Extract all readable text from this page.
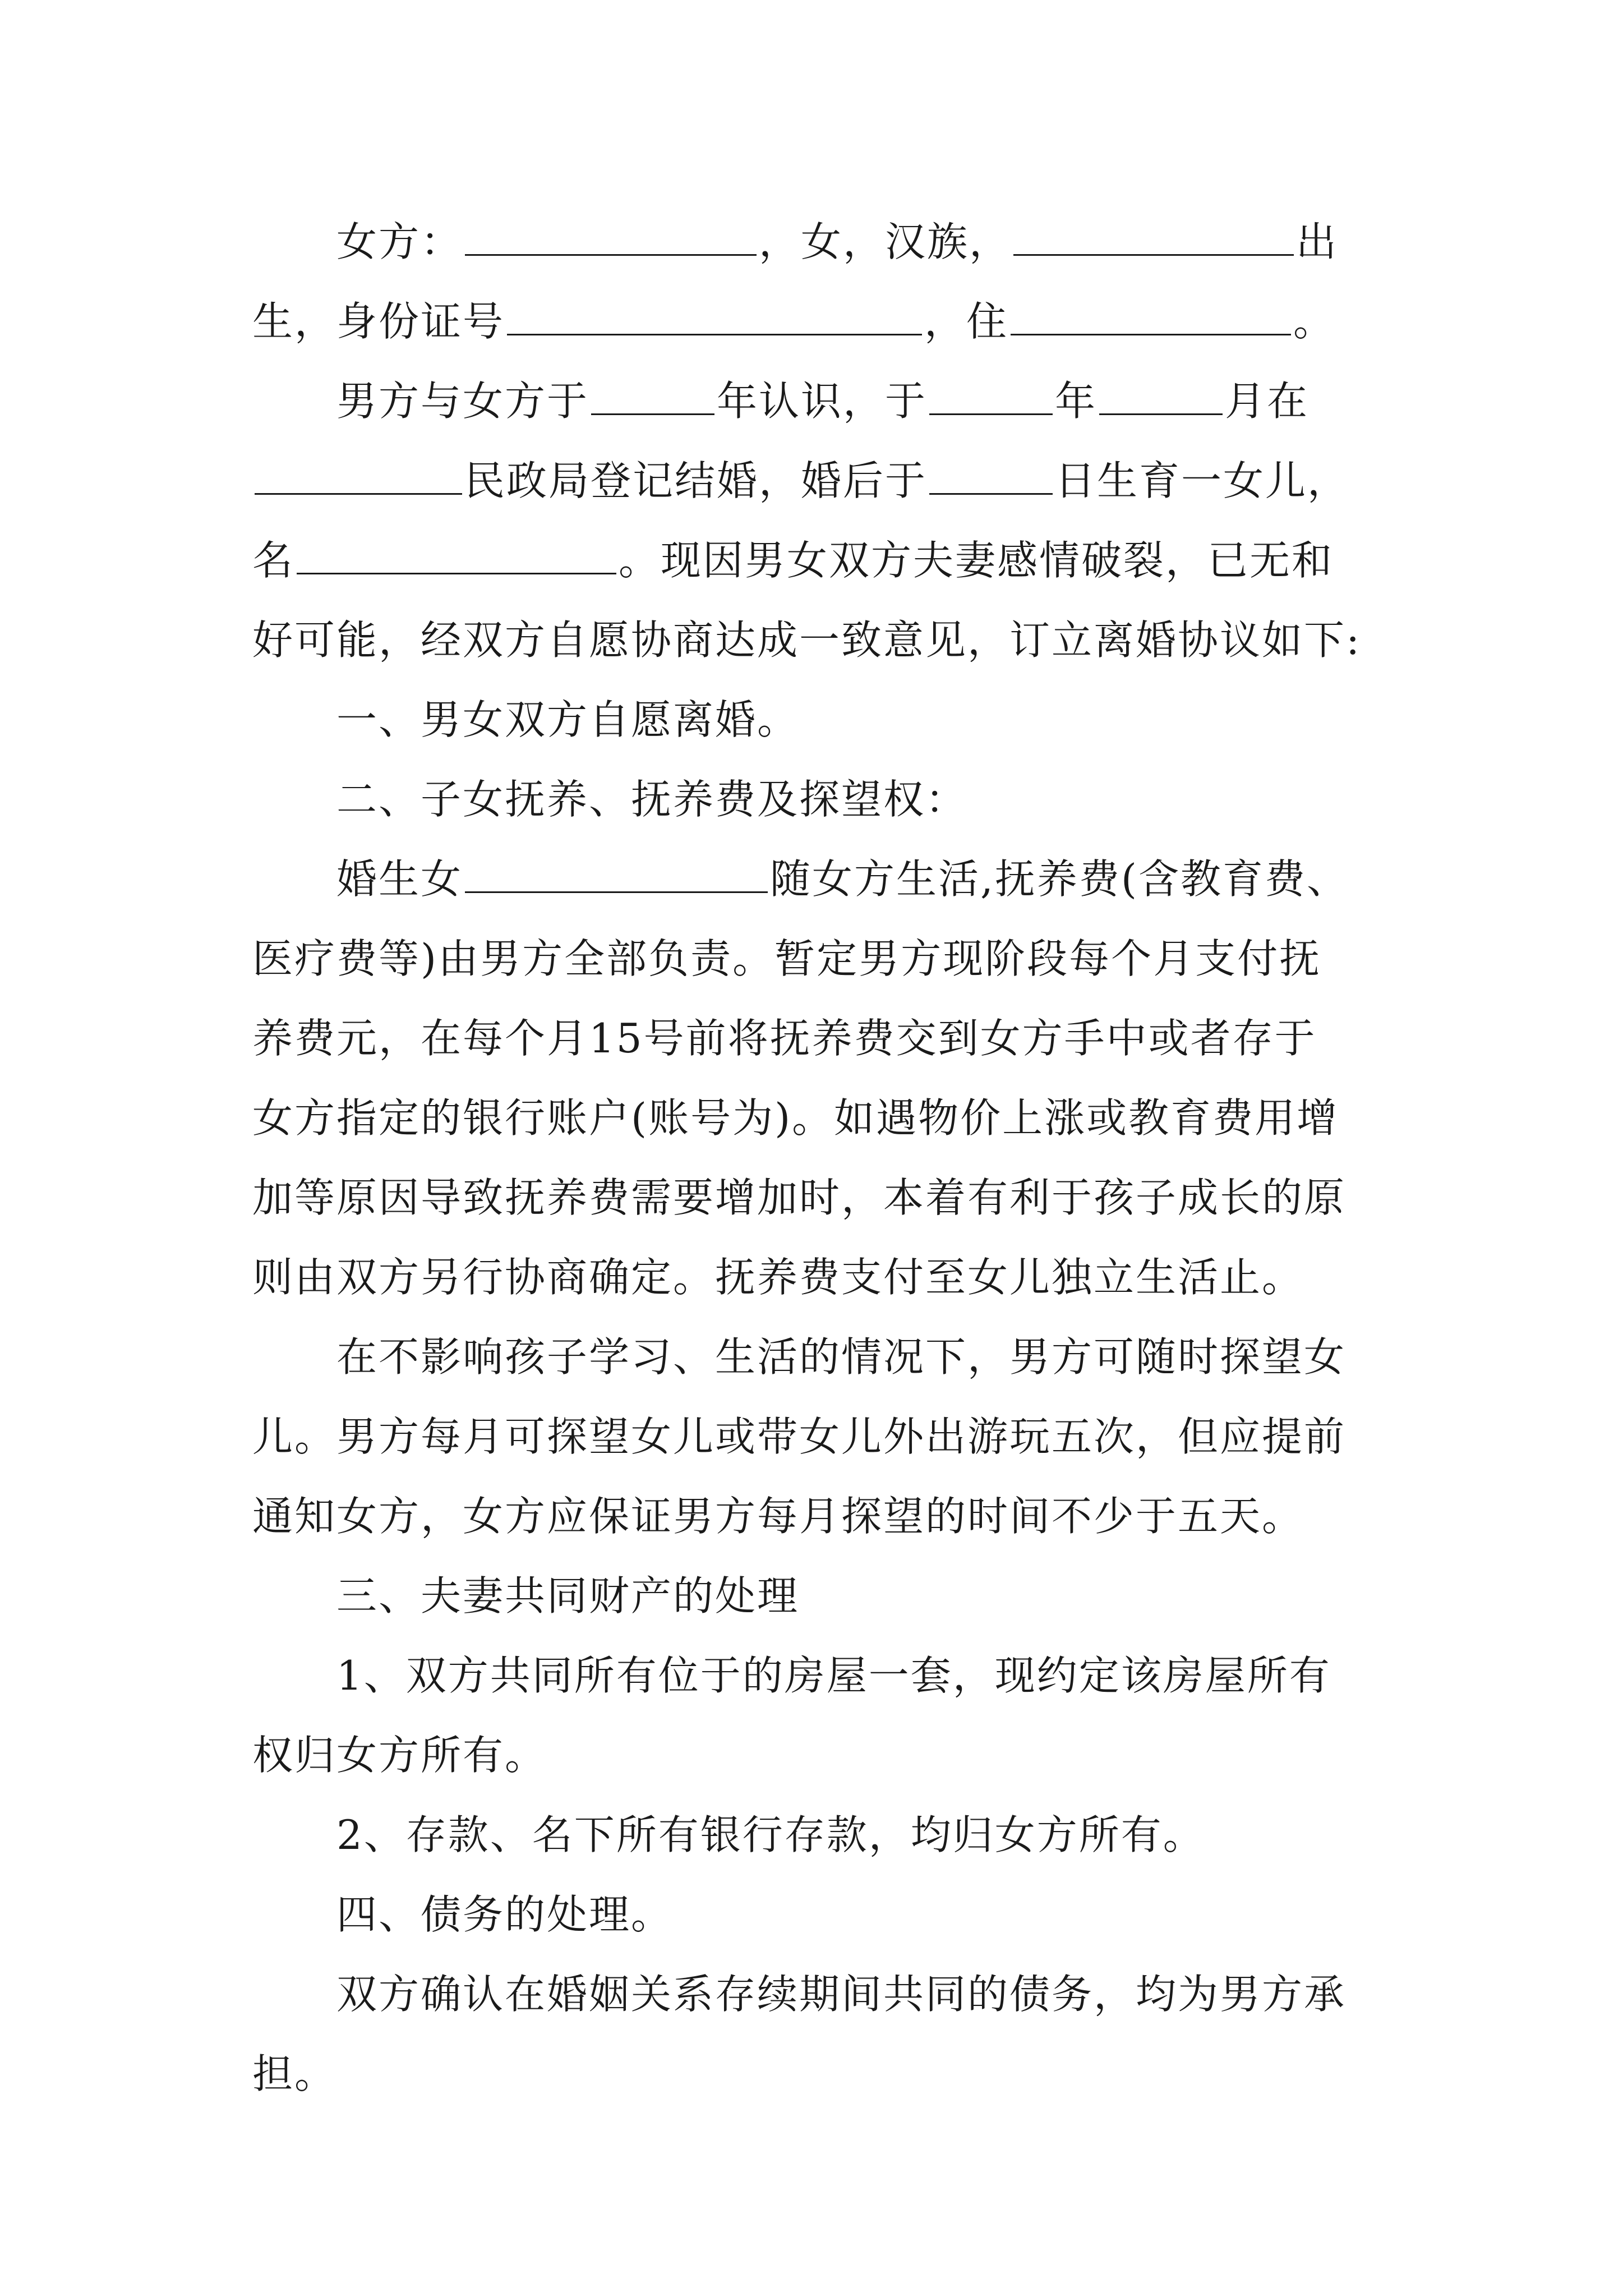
女方：	，女，汉族，	出
生，身份证号	，住	。
男方与女方于	年认识，于	年	月在
民政局登记结婚，婚后于	日生育一女儿，
名	。现因男女双方夫妻感情破裂，已无和
好可能，经双方自愿协商达成一致意见，订立离婚协议如下:
一、男女双方自愿离婚。
二、子女抚养、抚养费及探望权：
婚生女	随女方生活,抚养费(含教育费、
医疗费等)由男方全部负责。暂定男方现阶段每个月支付抚
养费元，在每个月15号前将抚养费交到女方手中或者存于
女方指定的银行账户(账号为)。如遇物价上涨或教育费用增
加等原因导致抚养费需要增加时，本着有利于孩子成长的原
则由双方另行协商确定。抚养费支付至女儿独立生活止。
在不影响孩子学习、生活的情况下，男方可随时探望女
儿。男方每月可探望女儿或带女儿外出游玩五次，但应提前
通知女方，女方应保证男方每月探望的时间不少于五天。
三、夫妻共同财产的处理
1、双方共同所有位于的房屋一套，现约定该房屋所有
权归女方所有。
2、存款、名下所有银行存款，均归女方所有。
四、债务的处理。
双方确认在婚姻关系存续期间共同的债务，均为男方承
担。
